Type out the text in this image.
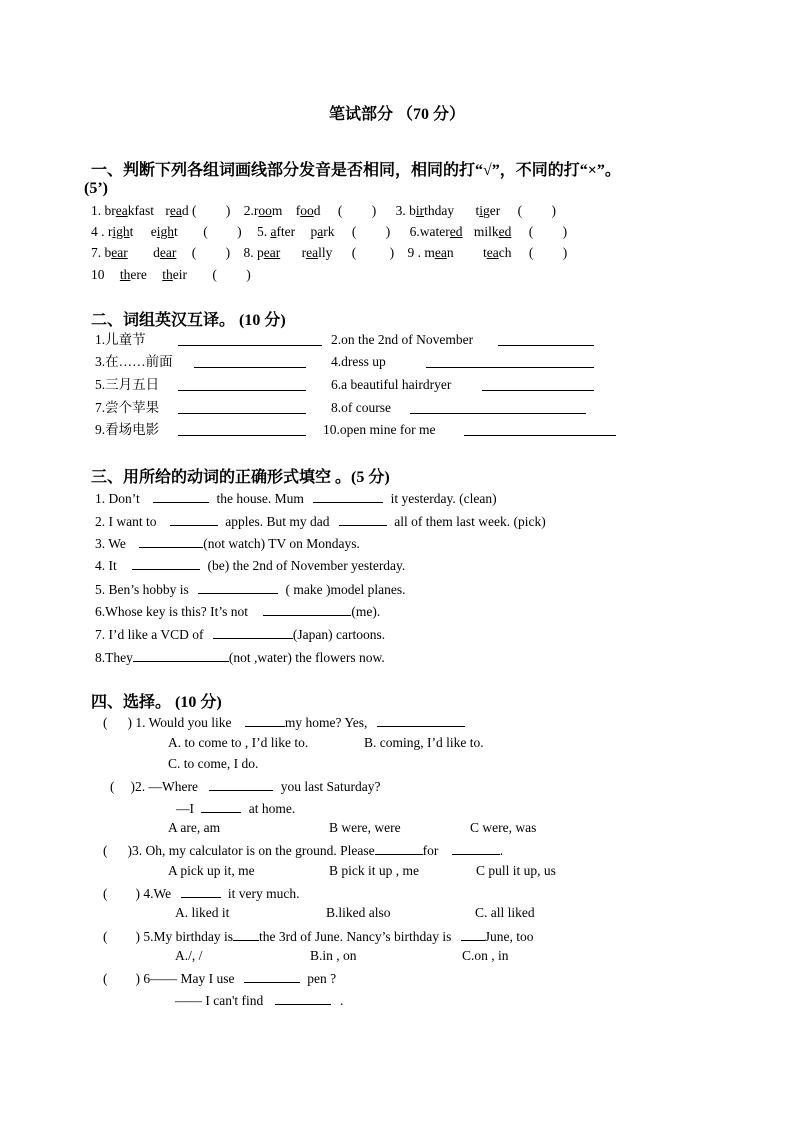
笔试部分 （70 分）
一、判断下列各组词画线部分发音是否相同，相同的打“√”，不同的打“×”。
(5’)
1. breakfast read ( ) 2.room food ( ) 3. birthday tiger ( )
4 . right eight ( ) 5. after park ( ) 6.watered milked ( )
7. bear dear ( ) 8. pear really ( ) 9 . mean teach ( )
10 there their ( )
二、词组英汉互译。 (10 分)
1.儿童节	2.on the 2nd of November
3.在……前面	4.dress up
5.三月五日	6.a beautiful hairdryer
7.尝个苹果	8.of course
9.看场电影	10.open mine for me
三、用所给的动词的正确形式填空 。(5 分)
1. Don’t	the house. Mum	it yesterday. (clean)
2. I want to	apples. But my dad	all of them last week. (pick)
3. We	(not watch) TV on Mondays.
4. It	(be) the 2nd of November yesterday.
5. Ben’s hobby is	( make )model planes.
6.Whose key is this? It’s not	(me).
7. I’d like a VCD of	(Japan) cartoons.
8.They	(not ,water) the flowers now.
四、选择。 (10 分)
( ) 1. Would you like	my home? Yes,
A. to come to , I’d like to.	B. coming, I’d like to.
C. to come, I do.
( )2. —Where	you last Saturday?
—I	at home.
A are, am	B were, were	C were, was
( )3. Oh, my calculator is on the ground. Please	for	.
A pick up it, me	B pick it up , me	C pull it up, us
( ) 4.We	it very much.
A. liked it	B.liked also	C. all liked
( ) 5.My birthday is the 3rd of June. Nancy’s birthday is June, too
A./, /	B.in , on	C.on , in
( ) 6—— May I use	pen ?
—— I can't find	.
